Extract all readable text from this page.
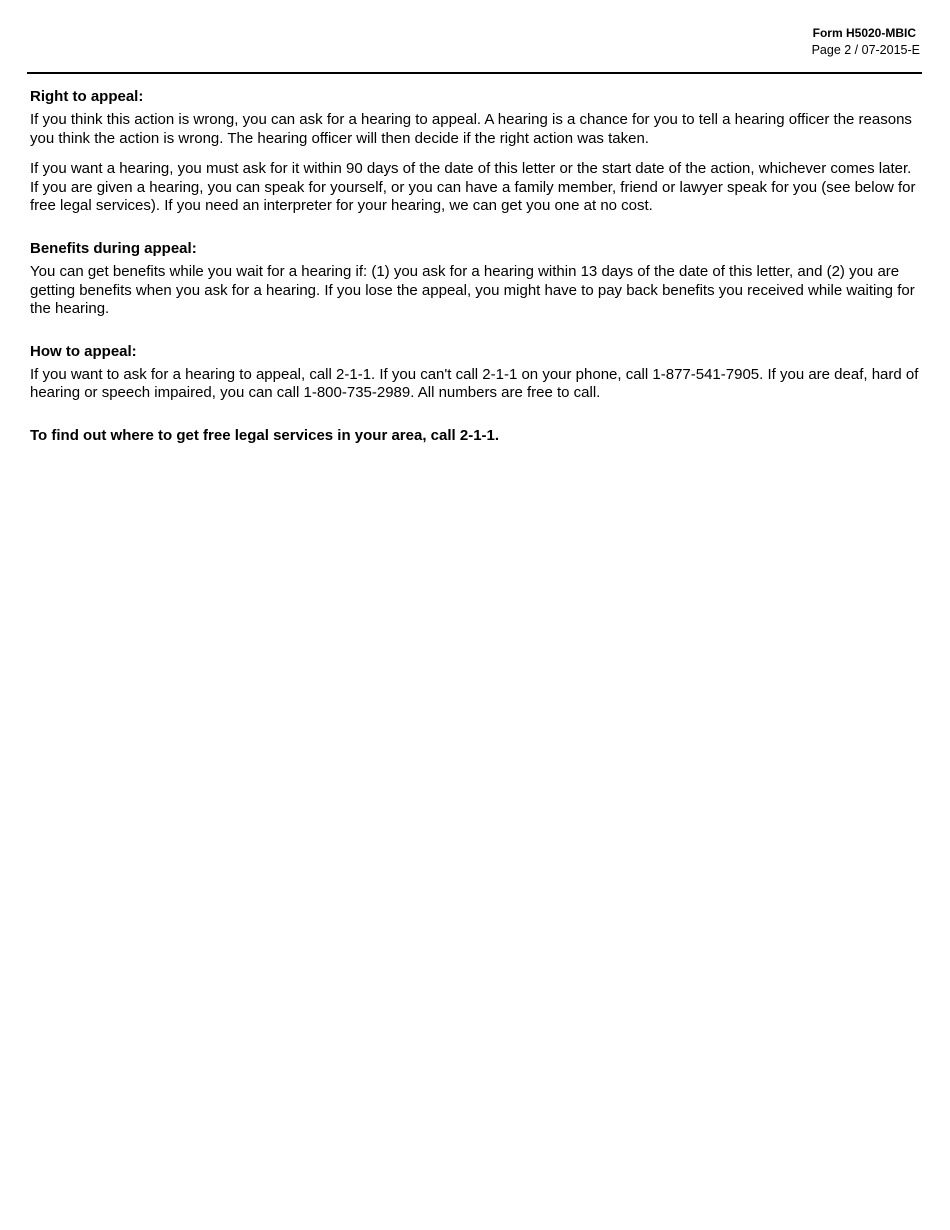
Form H5020-MBIC
Page 2 / 07-2015-E
Right to appeal:

If you think this action is wrong, you can ask for a hearing to appeal. A hearing is a chance for you to tell a hearing officer the reasons you think the action is wrong. The hearing officer will then decide if the right action was taken.

If you want a hearing, you must ask for it within 90 days of the date of this letter or the start date of the action, whichever comes later. If you are given a hearing, you can speak for yourself, or you can have a family member, friend or lawyer speak for you (see below for free legal services). If you need an interpreter for your hearing, we can get you one at no cost.

Benefits during appeal:

You can get benefits while you wait for a hearing if: (1) you ask for a hearing within 13 days of the date of this letter, and (2) you are getting benefits when you ask for a hearing. If you lose the appeal, you might have to pay back benefits you received while waiting for the hearing.

How to appeal:

If you want to ask for a hearing to appeal, call 2-1-1. If you can't call 2-1-1 on your phone, call 1-877-541-7905. If you are deaf, hard of hearing or speech impaired, you can call 1-800-735-2989. All numbers are free to call.

To find out where to get free legal services in your area, call 2-1-1.
